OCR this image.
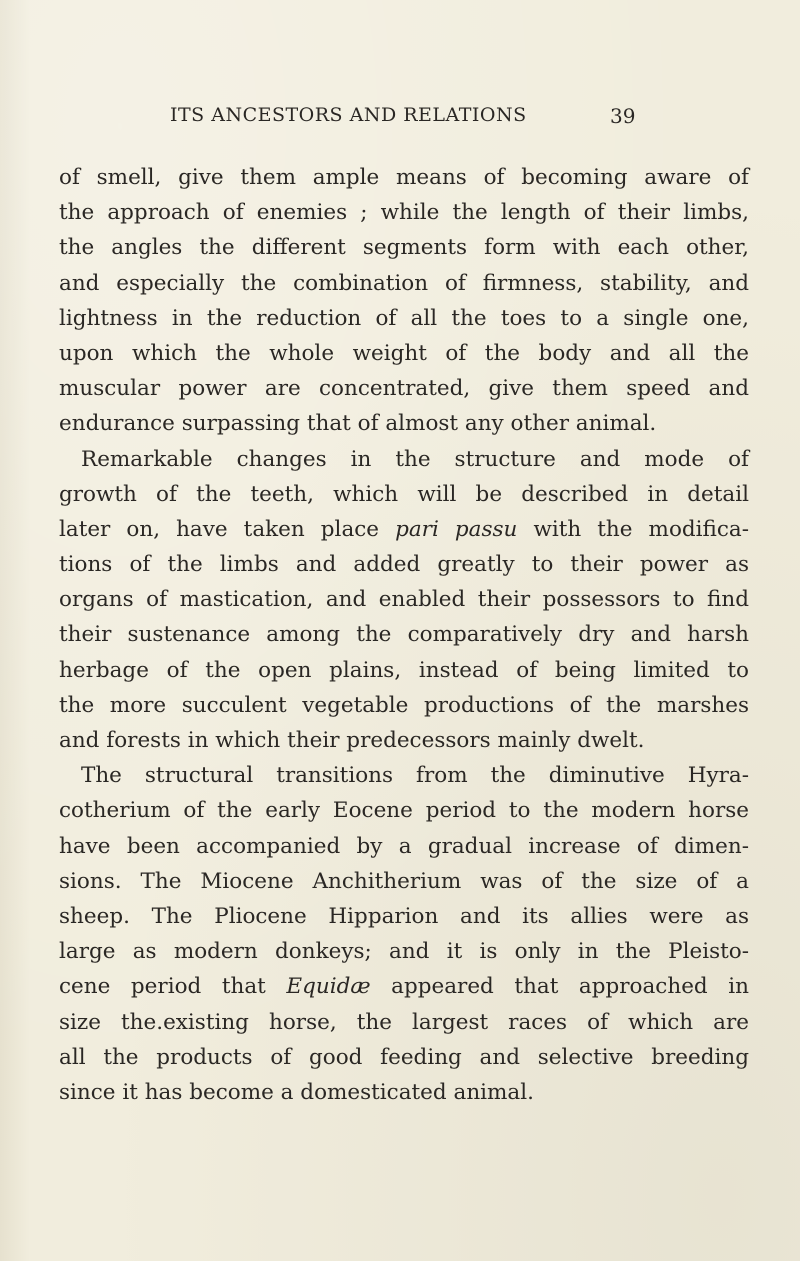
ITS ANCESTORS AND RELATIONS	39
of smell, give them ample means of becoming aware of
the approach of enemies ; while the length of their limbs,
the angles the different segments form with each other,
and especially the combination of firmness, stability, and
lightness in the reduction of all the toes to a single one,
upon which the whole weight of the body and all the
muscular power are concentrated, give them speed and
endurance surpassing that of almost any other animal.
Remarkable changes in the structure and mode of
growth of the teeth, which will be described in detail
later on, have taken place pari passu with the modifica-
tions of the limbs and added greatly to their power as
organs of mastication, and enabled their possessors to find
their sustenance among the comparatively dry and harsh
herbage of the open plains, instead of being limited to
the more succulent vegetable productions of the marshes
and forests in which their predecessors mainly dwelt.
The structural transitions from the diminutive Hyra-
cotherium of the early Eocene period to the modern horse
have been accompanied by a gradual increase of dimen-
sions. The Miocene Anchitherium was of the size of a
sheep. The Pliocene Hipparion and its allies were as
large as modern donkeys; and it is only in the Pleisto-
cene period that Equidæ appeared that approached in
size the.existing horse, the largest races of which are
all the products of good feeding and selective breeding
since it has become a domesticated animal.
